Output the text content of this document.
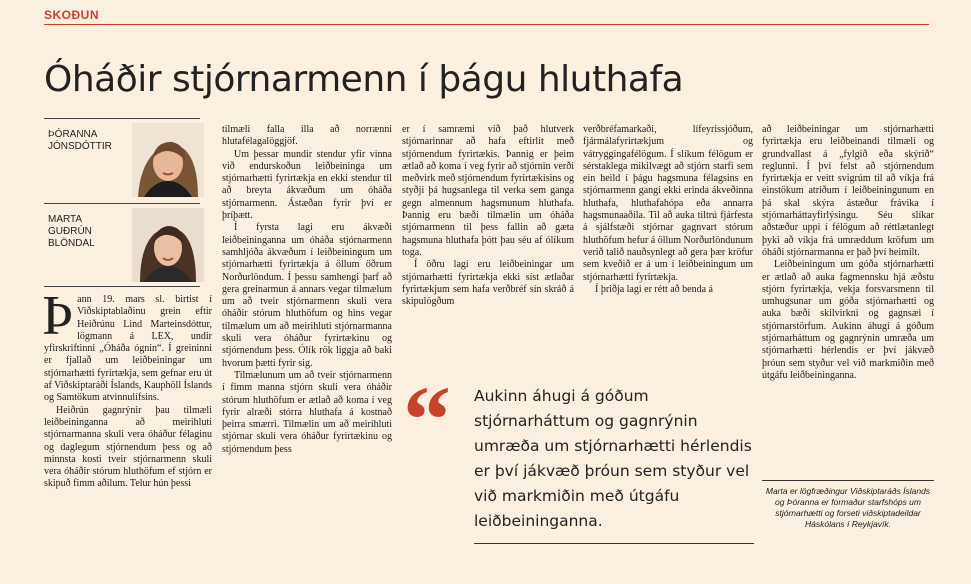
SKOÐUN
Óháðir stjórnarmenn í þágu hluthafa
ÞÓRANNA JÓNSDÓTTIR
MARTA GUÐRÚN BLÖNDAL
Þ ann 19. mars sl. birtist í Viðskiptablaðinu grein eftir Heiðrúnu Lind Marteinsdóttur, lögmann á LEX, undir yfirskriftinni „Óháða ógnin“. Í greininni er fjallað um leiðbeiningar um stjórnarhætti fyrirtækja, sem gefnar eru út af Viðskiptaráði Íslands, Kauphöll Íslands og Samtökum atvinnulífsins.

Heiðrún gagnrýnir þau tilmæli leiðbeininganna að meirihluti stjórnarmanna skuli vera óháður félaginu og daglegum stjórnendum þess og að minnsta kosti tveir stjórnarmenn skuli vera óháðir stórum hluthöfum ef stjórn er skipuð fimm aðilum. Telur hún þessi

tilmæli falla illa að norrænni hlutafélagalöggjöf.

Um þessar mundir stendur yfir vinna við endurskoðun leiðbeininga um stjórnarhætti fyrirtækja en ekki stendur til að breyta ákvæðum um óháða stjórnarmenn. Ástæðan fyrir því er þríþætt.

Í fyrsta lagi eru ákvæði leiðbeininganna um óháða stjórnarmenn samhljóða ákvæðum í leiðbeiningum um stjórnarhætti fyrirtækja á öllum öðrum Norðurlöndum. Í þessu samhengi þarf að gera greinarmun á annars vegar tilmælum um að tveir stjórnarmenn skuli vera óháðir stórum hluthöfum og hins vegar tilmælum um að meirihluti stjórnarmanna skuli vera óháður fyrirtækinu og stjórnendum þess. Ólík rök liggja að baki hvorum þætti fyrir sig.

Tilmælunum um að tveir stjórnarmenn í fimm manna stjórn skuli vera óháðir stórum hluthöfum er ætlað að koma í veg fyrir alræði stórra hluthafa á kostnað þeirra smærri. Tilmælin um að meirihluti stjórnar skuli vera óháður fyrirtækinu og stjórnendum þess

er í samræmi við það hlutverk stjórnarinnar að hafa eftirlit með stjórnendum fyrirtækis. Þannig er þeim ætlað að koma í veg fyrir að stjórnin verði meðvirk með stjórnendum fyrirtækisins og styðji þá hugsanlega til verka sem ganga gegn almennum hagsmunum hluthafa. Þannig eru bæði tilmælin um óháða stjórnarmenn til þess fallin að gæta hagsmuna hluthafa þótt þau séu af ólíkum toga.

Í öðru lagi eru leiðbeiningar um stjórnarhætti fyrirtækja ekki síst ætlaðar fyrirtækjum sem hafa verðbréf sín skráð á skipulögðum

verðbréfamarkaði, lífeyrissjóðum, fjármálafyrirtækjum og vátryggingafélögum. Í slíkum félögum er sérstaklega mikilvægt að stjórn starfi sem ein heild í þágu hagsmuna félagsins en stjórnarmenn gangi ekki erinda ákveðinna hluthafa, hluthafahópa eða annarra hagsmunaaðila. Til að auka tiltrú fjárfesta á sjálfstæði stjórnar gagnvart stórum hluthöfum hefur á öllum Norðurlöndunum verið talið nauðsynlegt að gera þær kröfur sem kveðið er á um í leiðbeiningum um stjórnarhætti fyrirtækja.

Í þriðja lagi er rétt að benda á

að leiðbeiningar um stjórnarhætti fyrirtækja eru leiðbeinandi tilmæli og grundvallast á „fylgið eða skýrið“ reglunni. Í því felst að stjórnendum fyrirtækja er veitt svigrúm til að víkja frá einstökum atriðum í leiðbeiningunum en þá skal skýra ástæður frávika í stjórnarháttayfirlýsingu. Séu slíkar aðstæður uppi í félögum að réttlætanlegt þyki að víkja frá umræddum kröfum um óháði stjórnarmanna er það því heimilt.

Leiðbeiningum um góða stjórnarhætti er ætlað að auka fagmennsku hjá æðstu stjórn fyrirtækja, vekja forsvarsmenn til umhugsunar um góða stjórnarhætti og auka bæði skilvirkni og gagnsæi í stjórnarstörfum. Aukinn áhugi á góðum stjórnarháttum og gagnrýnin umræða um stjórnarhætti hérlendis er því jákvæð þróun sem styður vel við markmiðin með útgáfu leiðbeininganna.

“ Aukinn áhugi á góðum stjórnarháttum og gagnrýnin umræða um stjórnarhætti hérlendis er því jákvæð þróun sem styður vel við markmiðin með útgáfu leiðbeininganna.
Marta er lögfræðingur Viðskiptaráðs Íslands og Þóranna er formaður starfshóps um stjórnarhætti og forseti viðskiptadeildar Háskólans í Reykjavík.
